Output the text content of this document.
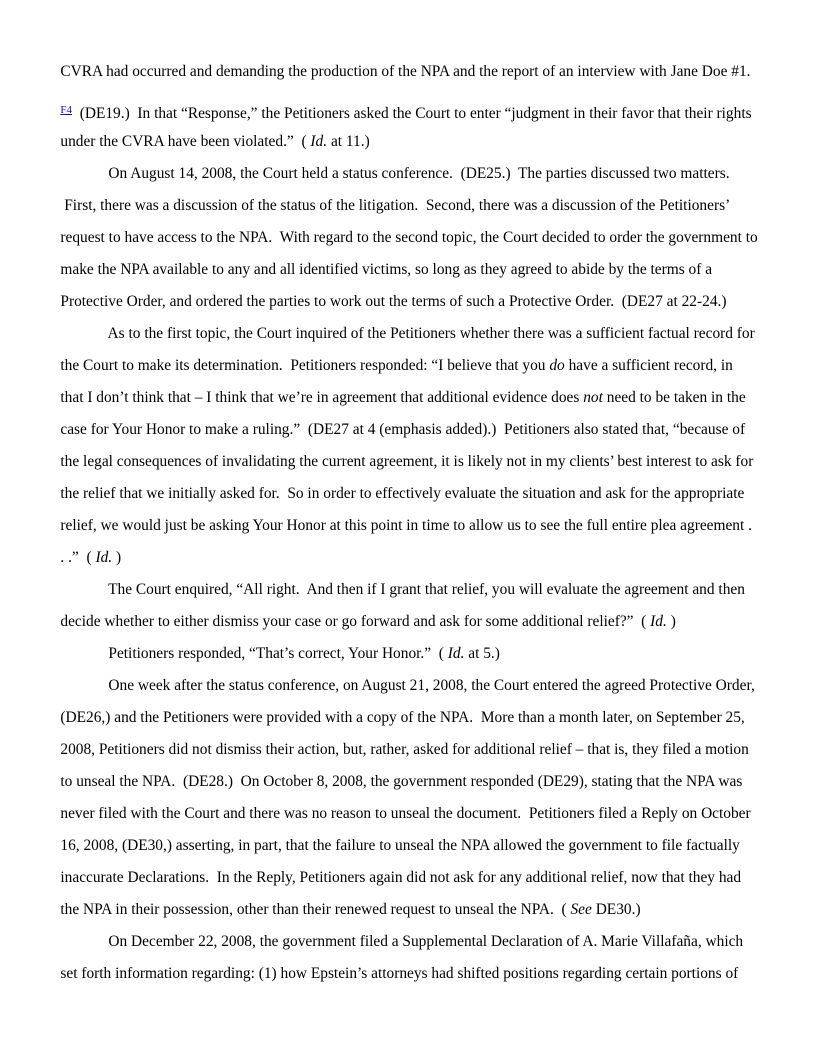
CVRA had occurred and demanding the production of the NPA and the report of an interview with Jane Doe #1.

$^{F4}$  (DE19.)  In that “Response,” the Petitioners asked the Court to enter “judgment in their favor that their rights

under the CVRA have been violated.”  ( Id. at 11.)

On August 14, 2008, the Court held a status conference.  (DE25.)  The parties discussed two matters.

First, there was a discussion of the status of the litigation.  Second, there was a discussion of the Petitioners’

request to have access to the NPA.  With regard to the second topic, the Court decided to order the government to

make the NPA available to any and all identified victims, so long as they agreed to abide by the terms of a

Protective Order, and ordered the parties to work out the terms of such a Protective Order.  (DE27 at 22-24.)

As to the first topic, the Court inquired of the Petitioners whether there was a sufficient factual record for

the Court to make its determination.  Petitioners responded: “I believe that you do have a sufficient record, in

that I don’t think that – I think that we’re in agreement that additional evidence does not need to be taken in the

case for Your Honor to make a ruling.”  (DE27 at 4 (emphasis added).)  Petitioners also stated that, “because of

the legal consequences of invalidating the current agreement, it is likely not in my clients’ best interest to ask for

the relief that we initially asked for.  So in order to effectively evaluate the situation and ask for the appropriate

relief, we would just be asking Your Honor at this point in time to allow us to see the full entire plea agreement .

. .”  ( Id. )

The Court enquired, “All right.  And then if I grant that relief, you will evaluate the agreement and then

decide whether to either dismiss your case or go forward and ask for some additional relief?”  ( Id. )

Petitioners responded, “That’s correct, Your Honor.”  ( Id. at 5.)

One week after the status conference, on August 21, 2008, the Court entered the agreed Protective Order,

(DE26,) and the Petitioners were provided with a copy of the NPA.  More than a month later, on September 25,

2008, Petitioners did not dismiss their action, but, rather, asked for additional relief – that is, they filed a motion

to unseal the NPA.  (DE28.)  On October 8, 2008, the government responded (DE29), stating that the NPA was

never filed with the Court and there was no reason to unseal the document.  Petitioners filed a Reply on October

16, 2008, (DE30,) asserting, in part, that the failure to unseal the NPA allowed the government to file factually

inaccurate Declarations.  In the Reply, Petitioners again did not ask for any additional relief, now that they had

the NPA in their possession, other than their renewed request to unseal the NPA.  ( See DE30.)

On December 22, 2008, the government filed a Supplemental Declaration of A. Marie Villafaña, which

set forth information regarding: (1) how Epstein’s attorneys had shifted positions regarding certain portions of
